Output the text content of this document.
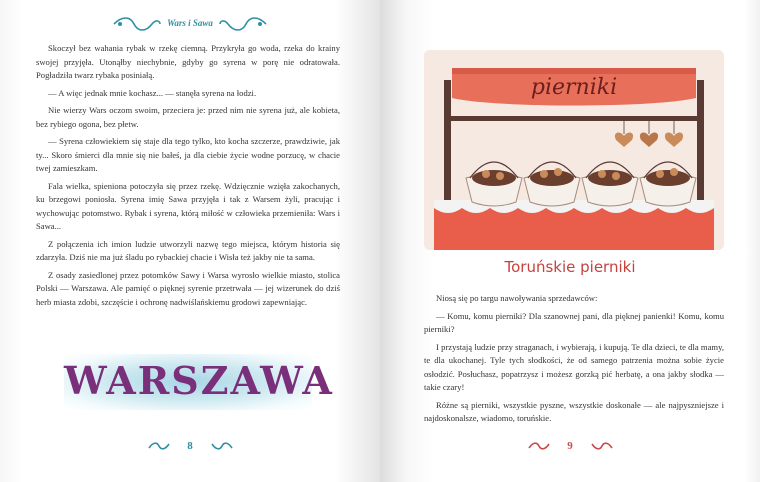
Wars i Sawa

Skoczył bez wahania rybak w rzekę ciemną. Przykryła go woda, rzeka do krainy swojej przyjęła. Utonąłby niechybnie, gdyby go syrena w porę nie odratowała. Pogładziła twarz rybaka posiniałą.

— A więc jednak mnie kochasz... — stanęła syrena na łodzi.

Nie wierzy Wars oczom swoim, przeciera je: przed nim nie syrena już, ale kobieta, bez rybiego ogona, bez płetw.

— Syrena człowiekiem się staje dla tego tylko, kto kocha szczerze, prawdziwie, jak ty... Skoro śmierci dla mnie się nie bałeś, ja dla ciebie życie wodne porzucę, w chacie twej zamieszkam.

Fala wielka, spieniona potoczyła się przez rzekę. Wdzięcznie wzięła zakochanych, ku brzegowi poniosła. Syrena imię Sawa przyjęła i tak z Warsem żyli, pracując i wychowując potomstwo. Rybak i syrena, którą miłość w człowieka przemieniła: Wars i Sawa...

Z połączenia ich imion ludzie utworzyli nazwę tego miejsca, którym historia się zdarzyła. Dziś nie ma już śladu po rybackiej chacie i Wisła też jakby nie ta sama.

Z osady zasiedlonej przez potomków Sawy i Warsa wyrosło wielkie miasto, stolica Polski — Warszawa. Ale pamięć o pięknej syrenie przetrwała — jej wizerunek do dziś herb miasta zdobi, szczęście i ochronę nadwiślańskiemu grodowi zapewniając.

WARSZAWA
8
pierniki
Toruńskie pierniki

Niosą się po targu nawoływania sprzedawców:

— Komu, komu pierniki? Dla szanownej pani, dla pięknej panienki! Komu, komu pierniki?

I przystają ludzie przy straganach, i wybierają, i kupują. Te dla dzieci, te dla mamy, te dla ukochanej. Tyle tych słodkości, że od samego patrzenia można sobie życie osłodzić. Posłuchasz, popatrzysz i możesz gorzką pić herbatę, a ona jakby słodka — takie czary!

Różne są pierniki, wszystkie pyszne, wszystkie doskonałe — ale najpyszniejsze i najdoskonalsze, wiadomo, toruńskie.

9
